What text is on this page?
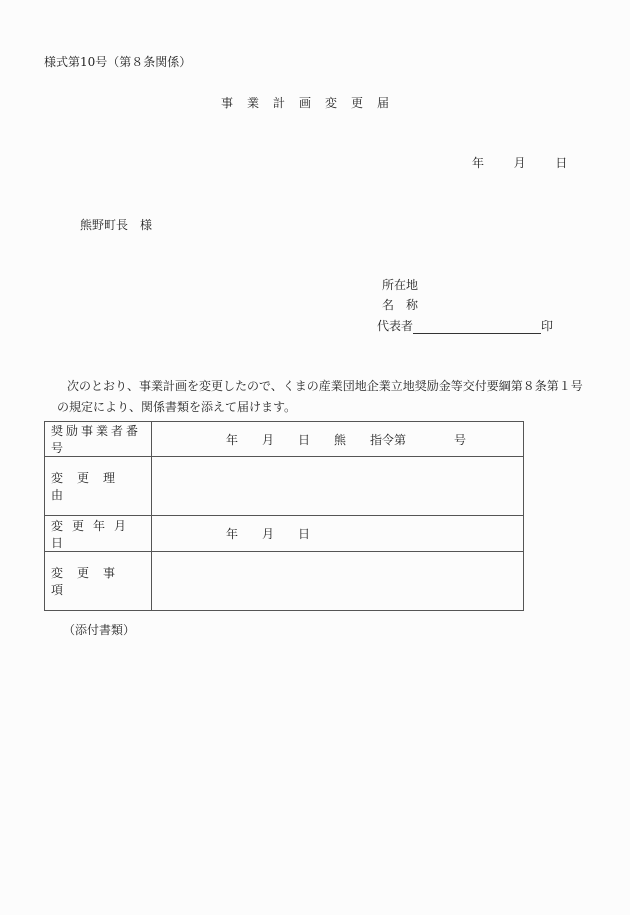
様式第10号（第８条関係）
事業計画変更届
年 月 日
熊野町長　様
所在地
名　称
代表者	印
次のとおり、事業計画を変更したので、くまの産業団地企業立地奨励金等交付要綱第８条第１号
の規定により、関係書類を添えて届けます。
奨励事業者番号	年　　月　　日　　熊　　指令第　　　　号
変更理由	
変更年月日	年　　月　　日
変更事項	
（添付書類）
